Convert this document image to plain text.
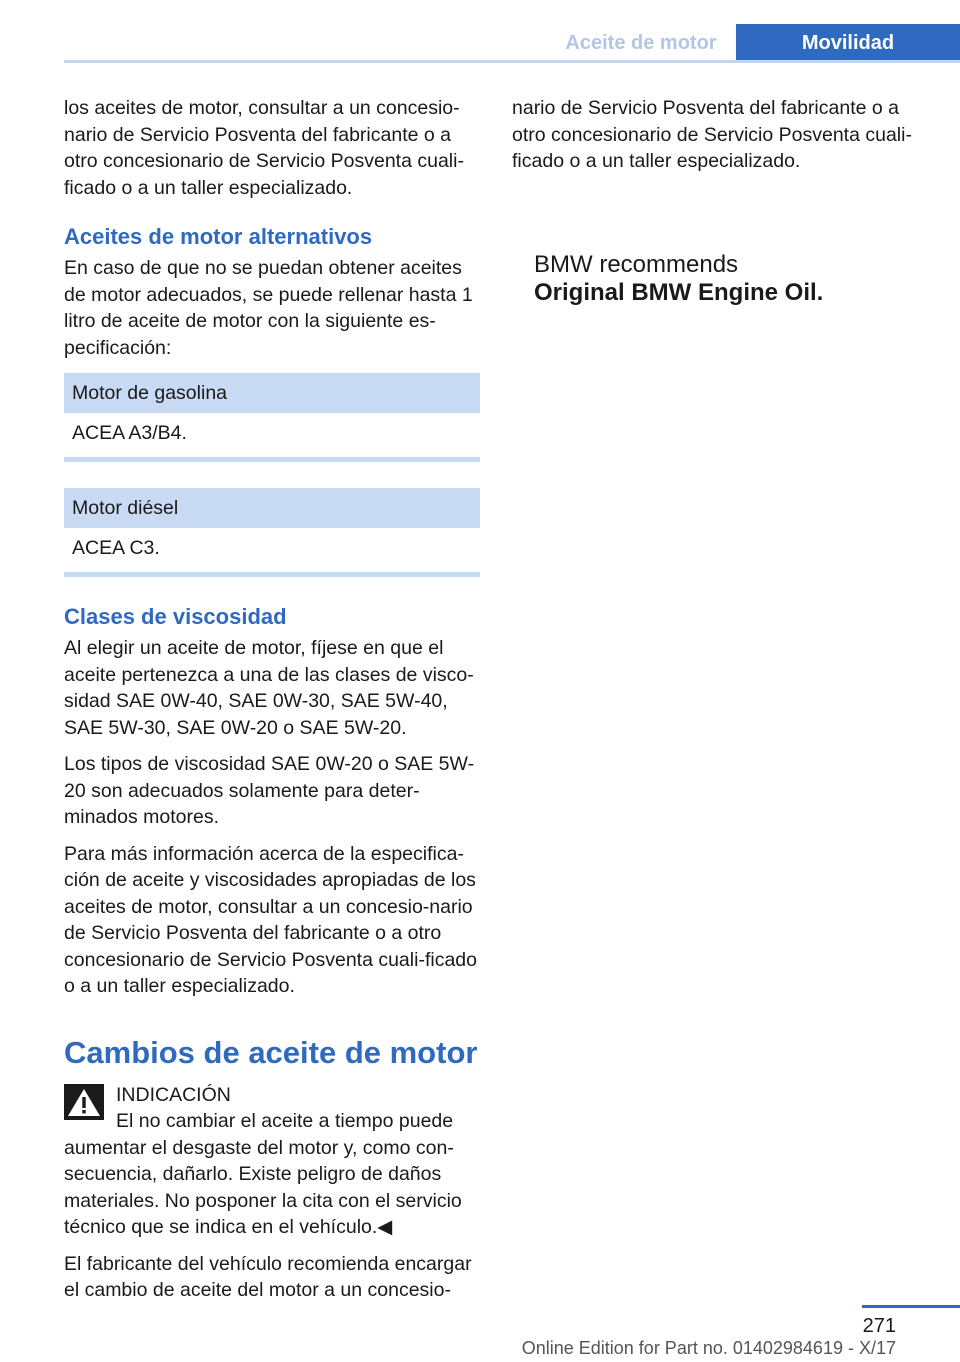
Aceite de motor	Movilidad

los aceites de motor, consultar a un concesio‐nario de Servicio Posventa del fabricante o a otro concesionario de Servicio Posventa cuali‐ficado o a un taller especializado.

Aceites de motor alternativos

En caso de que no se puedan obtener aceites de motor adecuados, se puede rellenar hasta 1 litro de aceite de motor con la siguiente es‐pecificación:

Motor de gasolina
ACEA A3/B4.
Motor diésel
ACEA C3.
Clases de viscosidad

Al elegir un aceite de motor, fíjese en que el aceite pertenezca a una de las clases de visco‐sidad SAE 0W-40, SAE 0W-30, SAE 5W-40, SAE 5W-30, SAE 0W-20 o SAE 5W-20.

Los tipos de viscosidad SAE 0W-20 o SAE 5W-20 son adecuados solamente para deter‐minados motores.

Para más información acerca de la especifica‐ción de aceite y viscosidades apropiadas de los aceites de motor, consultar a un concesio‐nario de Servicio Posventa del fabricante o a otro concesionario de Servicio Posventa cuali‐ficado o a un taller especializado.

Cambios de aceite de motor

INDICACIÓN

El no cambiar el aceite a tiempo puede aumentar el desgaste del motor y, como con‐secuencia, dañarlo. Existe peligro de daños materiales. No posponer la cita con el servicio técnico que se indica en el vehículo.◀

El fabricante del vehículo recomienda encargar el cambio de aceite del motor a un concesio‐

nario de Servicio Posventa del fabricante o a otro concesionario de Servicio Posventa cuali‐ficado o a un taller especializado.

BMW recommends
Original BMW Engine Oil.
271
Online Edition for Part no. 01402984619 - X/17
